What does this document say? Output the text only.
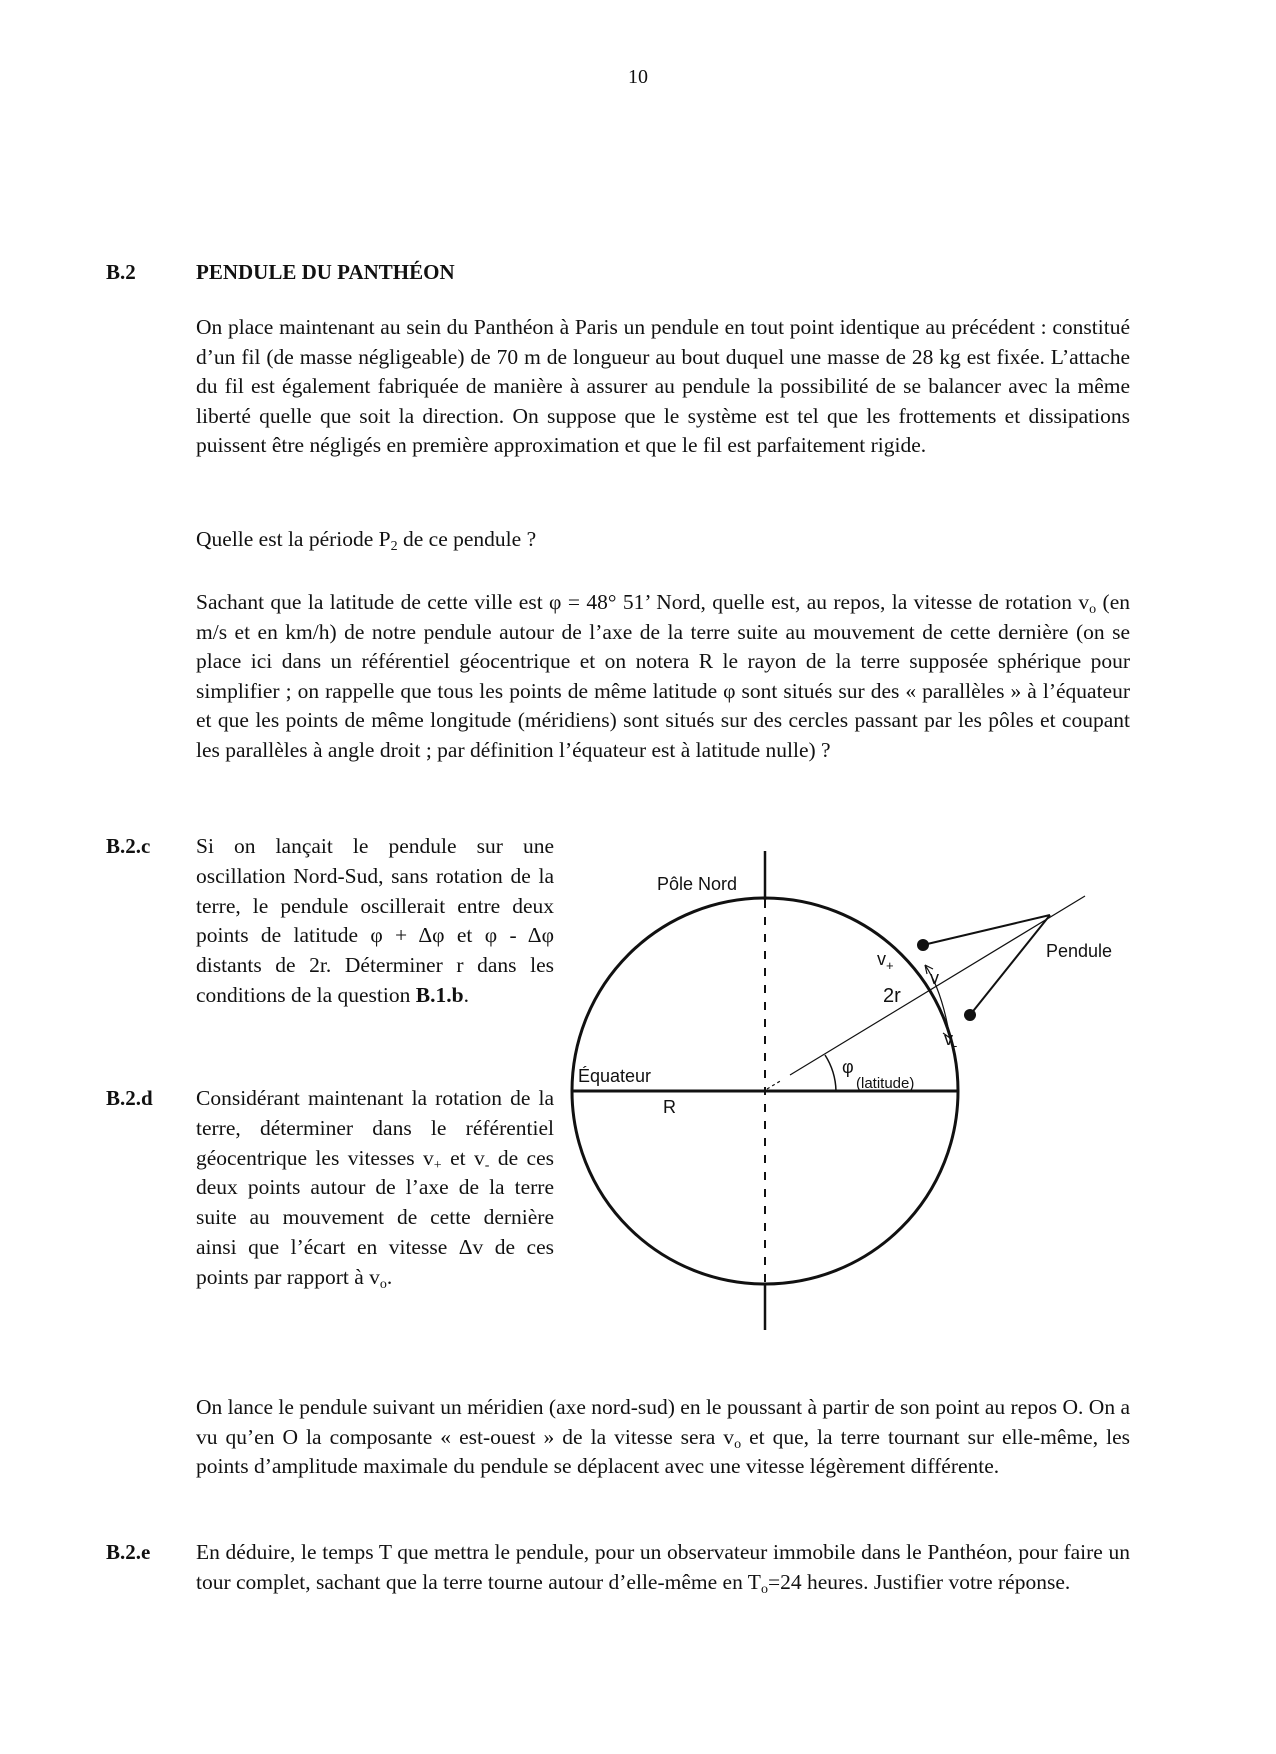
10
B.2	PENDULE DU PANTHÉON
On place maintenant au sein du Panthéon à Paris un pendule en tout point identique au précédent : constitué d’un fil (de masse négligeable) de 70 m de longueur au bout duquel une masse de 28 kg est fixée. L’attache du fil est également fabriquée de manière à assurer au pendule la possibilité de se balancer avec la même liberté quelle que soit la direction. On suppose que le système est tel que les frottements et dissipations puissent être négligés en première approximation et que le fil est parfaitement rigide.
Quelle est la période $P_2$ de ce pendule ?
Sachant que la latitude de cette ville est φ = 48° 51’ Nord, quelle est, au repos, la vitesse de rotation $v_o$ (en m/s et en km/h) de notre pendule autour de l’axe de la terre suite au mouvement de cette dernière (on se place ici dans un référentiel géocentrique et on notera R le rayon de la terre supposée sphérique pour simplifier ; on rappelle que tous les points de même latitude φ sont situés sur des « parallèles » à l’équateur et que les points de même longitude (méridiens) sont situés sur des cercles passant par les pôles et coupant les parallèles à angle droit ; par définition l’équateur est à latitude nulle) ?
B.2.c Si on lançait le pendule sur une oscillation Nord-Sud, sans rotation de la terre, le pendule oscillerait entre deux points de latitude φ + Δφ et φ - Δφ distants de 2r. Déterminer r dans les conditions de la question B.1.b.
B.2.d Considérant maintenant la rotation de la terre, déterminer dans le référentiel géocentrique les vitesses $v_+$ et $v_-$ de ces deux points autour de l’axe de la terre suite au mouvement de cette dernière ainsi que l’écart en vitesse Δv de ces points par rapport à $v_o$.
Pôle Nord
Pendule
Équateur
R
$v_+$
v
2r
$v_-$
φ
(latitude)
On lance le pendule suivant un méridien (axe nord-sud) en le poussant à partir de son point au repos O. On a vu qu’en O la composante « est-ouest » de la vitesse sera $v_o$ et que, la terre tournant sur elle-même, les points d’amplitude maximale du pendule se déplacent avec une vitesse légèrement différente.
B.2.e En déduire, le temps T que mettra le pendule, pour un observateur immobile dans le Panthéon, pour faire un tour complet, sachant que la terre tourne autour d’elle-même en $T_o=24$ heures. Justifier votre réponse.
